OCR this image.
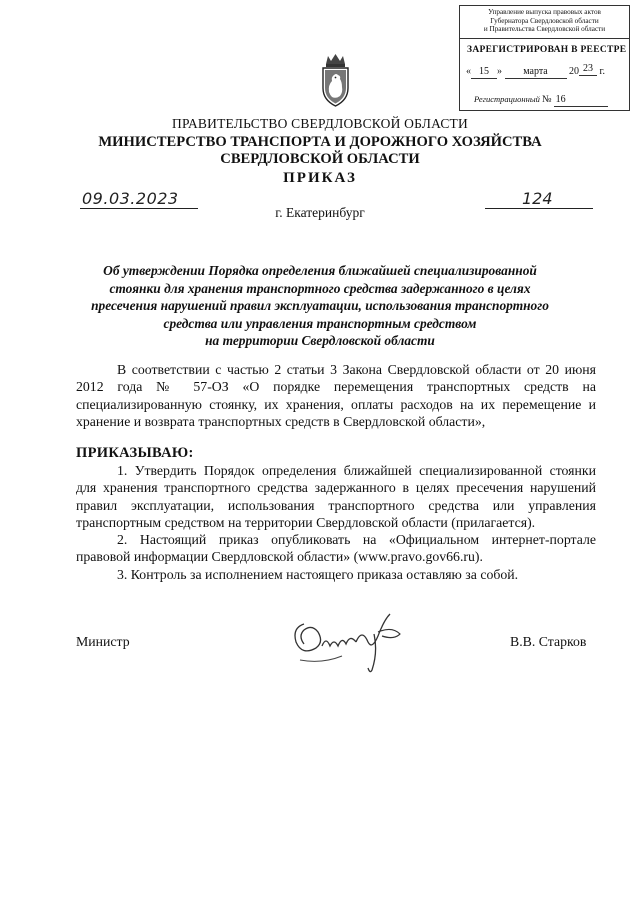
Управление выпуска правовых актов
Губернатора Свердловской области
и Правительства Свердловской области
ЗАРЕГИСТРИРОВАН В РЕЕСТРЕ
« 15 » марта 20 23 г.
Регистрационный № 16
ПРАВИТЕЛЬСТВО СВЕРДЛОВСКОЙ ОБЛАСТИ
МИНИСТЕРСТВО ТРАНСПОРТА И ДОРОЖНОГО ХОЗЯЙСТВА
СВЕРДЛОВСКОЙ ОБЛАСТИ
ПРИКАЗ
09.03.2023	124
г. Екатеринбург
Об утверждении Порядка определения ближайшей специализированной
стоянки для хранения транспортного средства задержанного в целях
пресечения нарушений правил эксплуатации, использования транспортного
средства или управления транспортным средством
на территории Свердловской области

В соответствии с частью 2 статьи 3 Закона Свердловской области от 20 июня 2012 года № 57-ОЗ «О порядке перемещения транспортных средств на специализированную стоянку, их хранения, оплаты расходов на их перемещение и хранение и возврата транспортных средств в Свердловской области»,

ПРИКАЗЫВАЮ:

1. Утвердить Порядок определения ближайшей специализированной стоянки для хранения транспортного средства задержанного в целях пресечения нарушений правил эксплуатации, использования транспортного средства или управления транспортным средством на территории Свердловской области (прилагается).

2. Настоящий приказ опубликовать на «Официальном интернет-портале правовой информации Свердловской области» (www.pravo.gov66.ru).

3. Контроль за исполнением настоящего приказа оставляю за собой.

Министр	В.В. Старков
